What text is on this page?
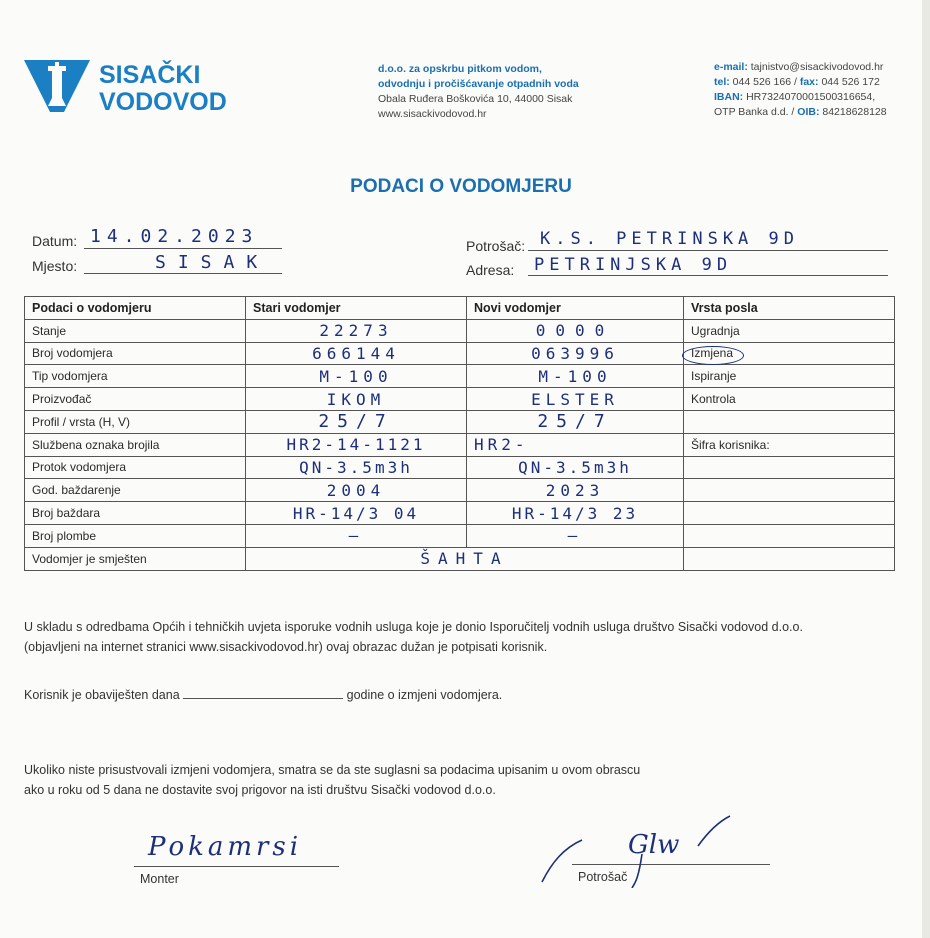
SISAČKI
VODOVOD
d.o.o. za opskrbu pitkom vodom,
odvodnju i pročišćavanje otpadnih voda
Obala Ruđera Boškovića 10, 44000 Sisak
www.sisackivodovod.hr
e-mail: tajnistvo@sisackivodovod.hr
tel: 044 526 166 / fax: 044 526 172
IBAN: HR7324070001500316654,
OTP Banka d.d. / OIB: 84218628128
PODACI O VODOMJERU
Datum: 14.02.2023
Mjesto:	SISAK
Potrošač: K.S. PETRINSKA 9D
Adresa: PETRINJSKA 9D
Podaci o vodomjeru	Stari vodomjer	Novi vodomjer	Vrsta posla
Stanje	22273	0000	Ugradnja
Broj vodomjera	666144	063996	Izmjena
Tip vodomjera	M-100	M-100	Ispiranje
Proizvođač	IKOM	ELSTER	Kontrola
Profil / vrsta (H, V)	25/7	25/7	
Službena oznaka brojila	HR2-14-1121	HR2-	Šifra korisnika:
Protok vodomjera	QN-3.5m3h	QN-3.5m3h	
God. baždarenje	2004	2023	
Broj baždara	HR-14/3 04	HR-14/3 23	
Broj plombe	—	—	
Vodomjer je smješten	ŠAHTA		
U skladu s odredbama Općih i tehničkih uvjeta isporuke vodnih usluga koje je donio Isporučitelj vodnih usluga društvo Sisački vodovod d.o.o.
(objavljeni na internet stranici www.sisackivodovod.hr) ovaj obrazac dužan je potpisati korisnik.
Korisnik je obaviješten dana	godine o izmjeni vodomjera.
Ukoliko niste prisustvovali izmjeni vodomjera, smatra se da ste suglasni sa podacima upisanim u ovom obrascu
ako u roku od 5 dana ne dostavite svoj prigovor na isti društvu Sisački vodovod d.o.o.
Pokamrsi
Monter
Glw
Potrošač
